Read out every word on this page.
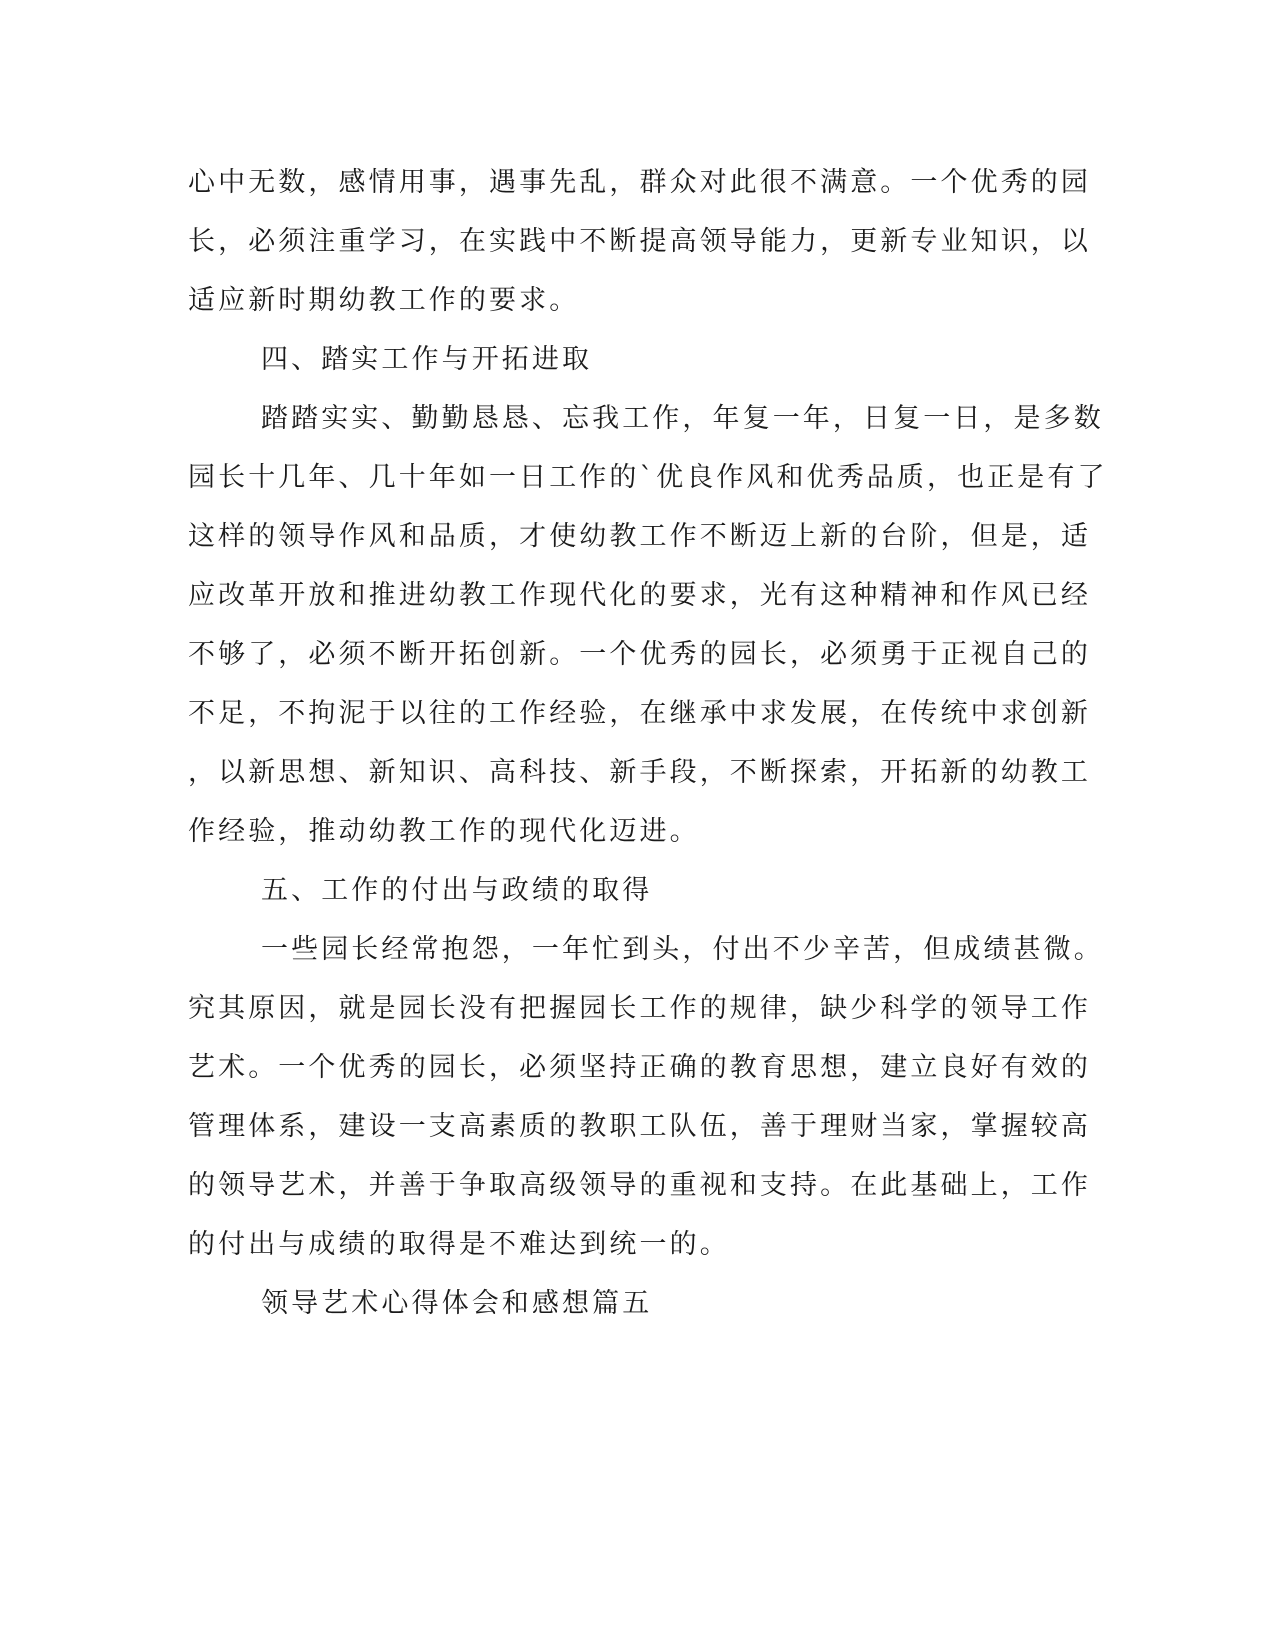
心中无数，感情用事，遇事先乱，群众对此很不满意。一个优秀的园
长，必须注重学习，在实践中不断提高领导能力，更新专业知识，以
适应新时期幼教工作的要求。
四、踏实工作与开拓进取
踏踏实实、勤勤恳恳、忘我工作，年复一年，日复一日，是多数
园长十几年、几十年如一日工作的`优良作风和优秀品质，也正是有了
这样的领导作风和品质，才使幼教工作不断迈上新的台阶，但是，适
应改革开放和推进幼教工作现代化的要求，光有这种精神和作风已经
不够了，必须不断开拓创新。一个优秀的园长，必须勇于正视自己的
不足，不拘泥于以往的工作经验，在继承中求发展，在传统中求创新
，以新思想、新知识、高科技、新手段，不断探索，开拓新的幼教工
作经验，推动幼教工作的现代化迈进。
五、工作的付出与政绩的取得
一些园长经常抱怨，一年忙到头，付出不少辛苦，但成绩甚微。
究其原因，就是园长没有把握园长工作的规律，缺少科学的领导工作
艺术。一个优秀的园长，必须坚持正确的教育思想，建立良好有效的
管理体系，建设一支高素质的教职工队伍，善于理财当家，掌握较高
的领导艺术，并善于争取高级领导的重视和支持。在此基础上，工作
的付出与成绩的取得是不难达到统一的。
领导艺术心得体会和感想篇五
